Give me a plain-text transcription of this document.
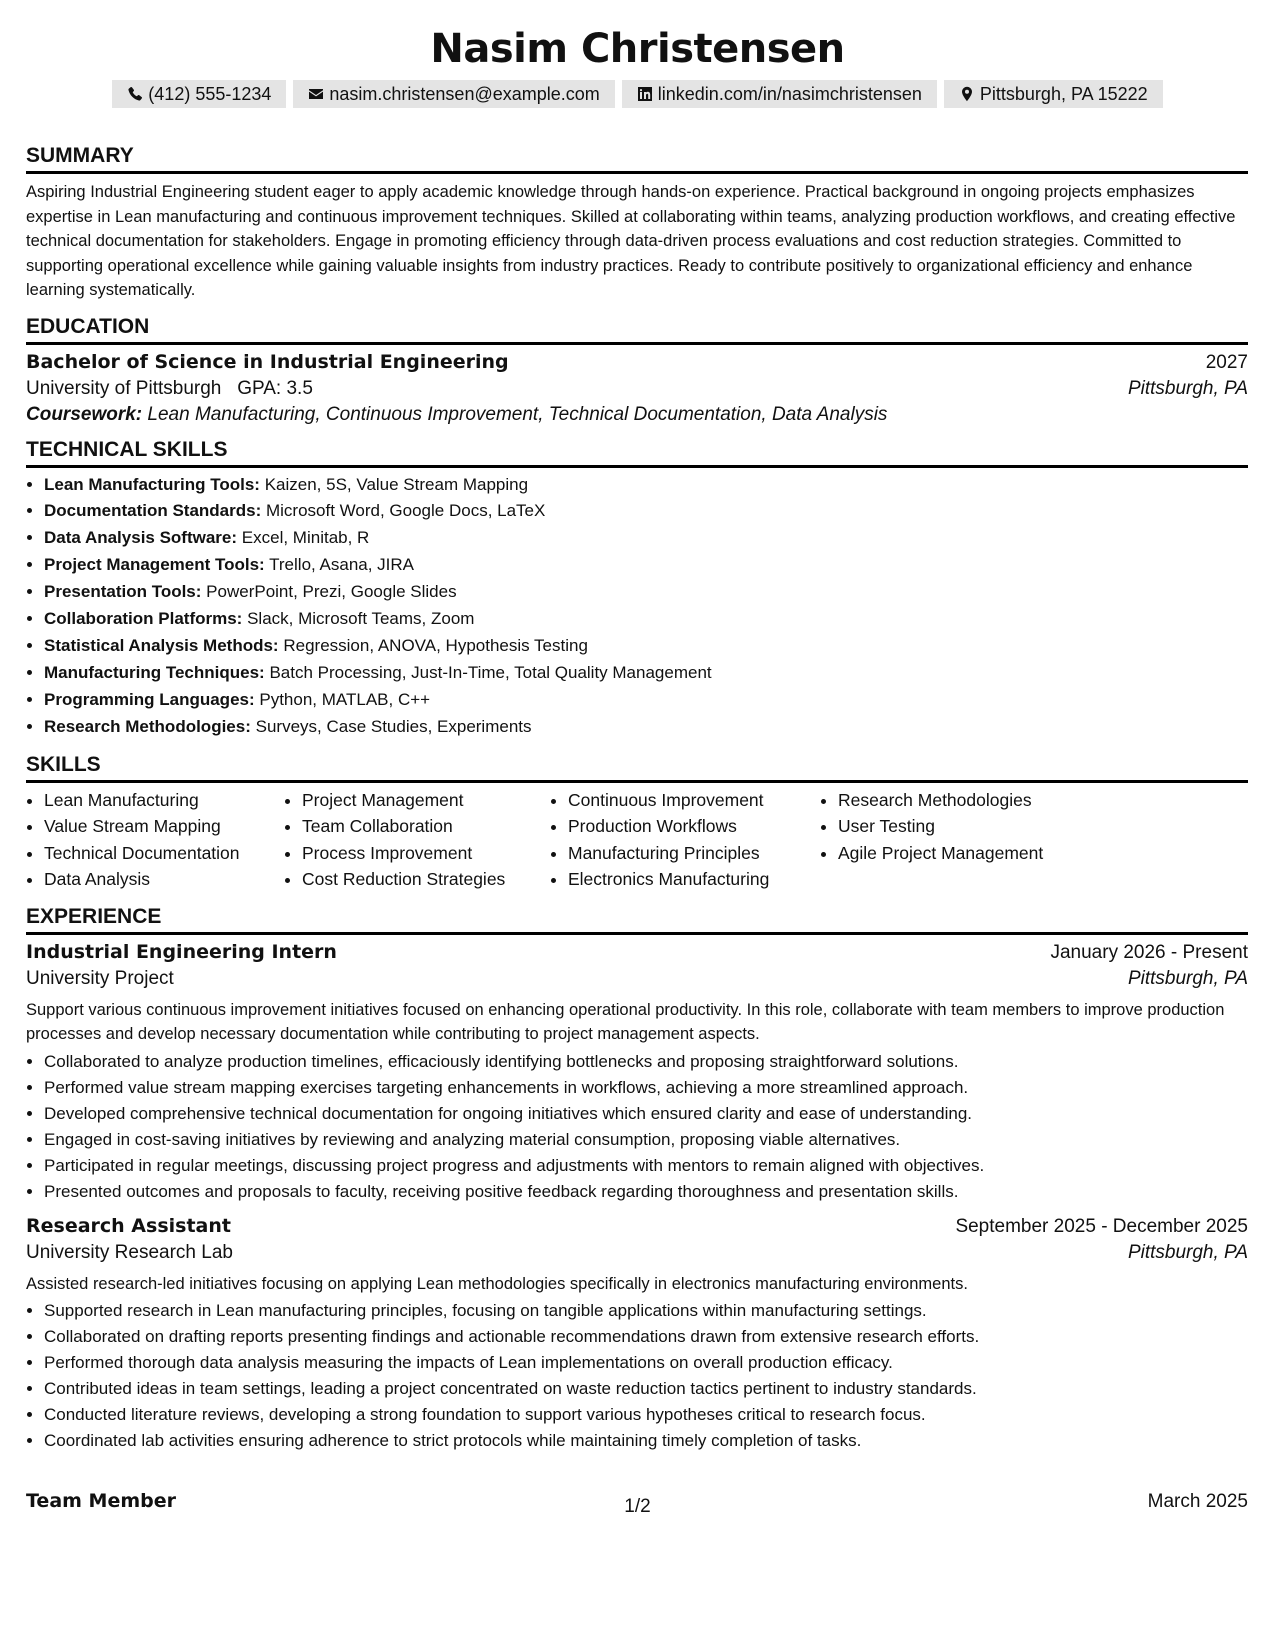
Nasim Christensen
(412) 555-1234	nasim.christensen@example.com	linkedin.com/in/nasimchristensen	Pittsburgh, PA 15222
SUMMARY

Aspiring Industrial Engineering student eager to apply academic knowledge through hands-on experience. Practical background in ongoing projects emphasizes expertise in Lean manufacturing and continuous improvement techniques. Skilled at collaborating within teams, analyzing production workflows, and creating effective technical documentation for stakeholders. Engage in promoting efficiency through data-driven process evaluations and cost reduction strategies. Committed to supporting operational excellence while gaining valuable insights from industry practices. Ready to contribute positively to organizational efficiency and enhance learning systematically.

EDUCATION
Bachelor of Science in Industrial Engineering	2027
University of Pittsburgh GPA: 3.5	Pittsburgh, PA
Coursework: Lean Manufacturing, Continuous Improvement, Technical Documentation, Data Analysis
TECHNICAL SKILLS
• Lean Manufacturing Tools: Kaizen, 5S, Value Stream Mapping
• Documentation Standards: Microsoft Word, Google Docs, LaTeX
• Data Analysis Software: Excel, Minitab, R
• Project Management Tools: Trello, Asana, JIRA
• Presentation Tools: PowerPoint, Prezi, Google Slides
• Collaboration Platforms: Slack, Microsoft Teams, Zoom
• Statistical Analysis Methods: Regression, ANOVA, Hypothesis Testing
• Manufacturing Techniques: Batch Processing, Just-In-Time, Total Quality Management
• Programming Languages: Python, MATLAB, C++
• Research Methodologies: Surveys, Case Studies, Experiments
SKILLS
• Lean Manufacturing
• Value Stream Mapping
• Technical Documentation
• Data Analysis
• Project Management
• Team Collaboration
• Process Improvement
• Cost Reduction Strategies
• Continuous Improvement
• Production Workflows
• Manufacturing Principles
• Electronics Manufacturing
• Research Methodologies
• User Testing
• Agile Project Management
EXPERIENCE
Industrial Engineering Intern	January 2026 - Present
University Project	Pittsburgh, PA

Support various continuous improvement initiatives focused on enhancing operational productivity. In this role, collaborate with team members to improve production processes and develop necessary documentation while contributing to project management aspects.

• Collaborated to analyze production timelines, efficaciously identifying bottlenecks and proposing straightforward solutions.
• Performed value stream mapping exercises targeting enhancements in workflows, achieving a more streamlined approach.
• Developed comprehensive technical documentation for ongoing initiatives which ensured clarity and ease of understanding.
• Engaged in cost-saving initiatives by reviewing and analyzing material consumption, proposing viable alternatives.
• Participated in regular meetings, discussing project progress and adjustments with mentors to remain aligned with objectives.
• Presented outcomes and proposals to faculty, receiving positive feedback regarding thoroughness and presentation skills.
Research Assistant	September 2025 - December 2025
University Research Lab	Pittsburgh, PA

Assisted research-led initiatives focusing on applying Lean methodologies specifically in electronics manufacturing environments.

• Supported research in Lean manufacturing principles, focusing on tangible applications within manufacturing settings.
• Collaborated on drafting reports presenting findings and actionable recommendations drawn from extensive research efforts.
• Performed thorough data analysis measuring the impacts of Lean implementations on overall production efficacy.
• Contributed ideas in team settings, leading a project concentrated on waste reduction tactics pertinent to industry standards.
• Conducted literature reviews, developing a strong foundation to support various hypotheses critical to research focus.
• Coordinated lab activities ensuring adherence to strict protocols while maintaining timely completion of tasks.
Team Member	March 2025
1/2
